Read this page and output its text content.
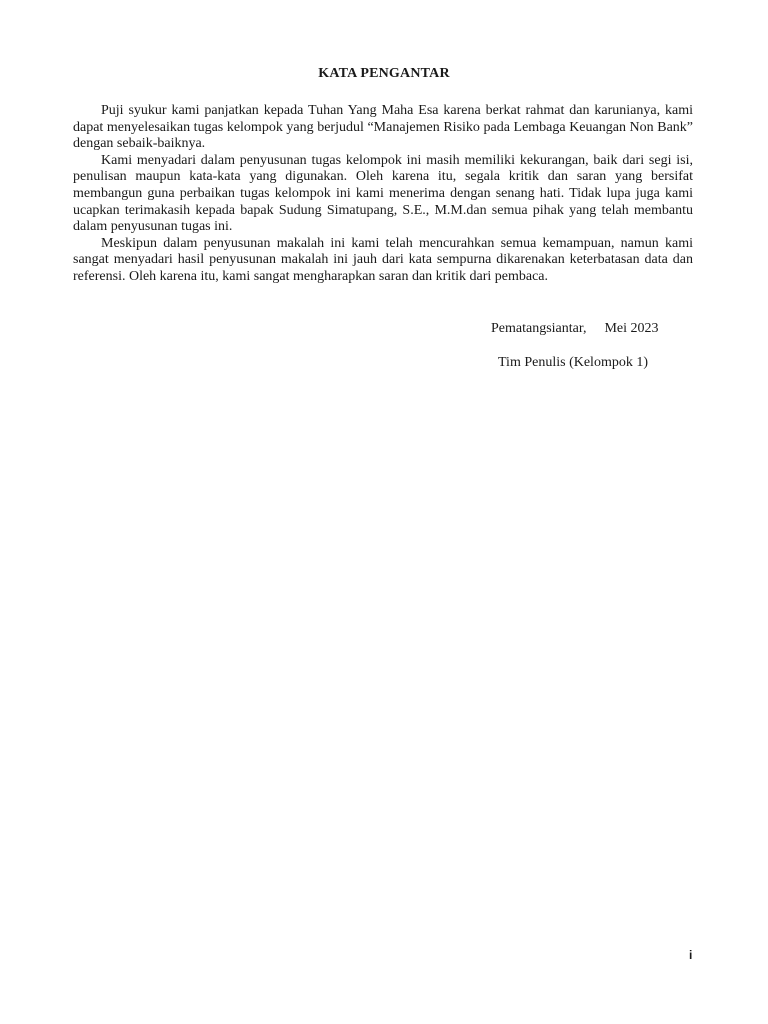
KATA PENGANTAR

Puji syukur kami panjatkan kepada Tuhan Yang Maha Esa karena berkat rahmat dan karunianya, kami dapat menyelesaikan tugas kelompok yang berjudul “Manajemen Risiko pada Lembaga Keuangan Non Bank” dengan sebaik-baiknya.

Kami menyadari dalam penyusunan tugas kelompok ini masih memiliki kekurangan, baik dari segi isi, penulisan maupun kata-kata yang digunakan. Oleh karena itu, segala kritik dan saran yang bersifat membangun guna perbaikan tugas kelompok ini kami menerima dengan senang hati. Tidak lupa juga kami ucapkan terimakasih kepada bapak Sudung Simatupang, S.E., M.M.dan semua pihak yang telah membantu dalam penyusunan tugas ini.

Meskipun dalam penyusunan makalah ini kami telah mencurahkan semua kemampuan, namun kami sangat menyadari hasil penyusunan makalah ini jauh dari kata sempurna dikarenakan keterbatasan data dan referensi. Oleh karena itu, kami sangat mengharapkan saran dan kritik dari pembaca.

Pematangsiantar, Mei 2023
Tim Penulis (Kelompok 1)
i
